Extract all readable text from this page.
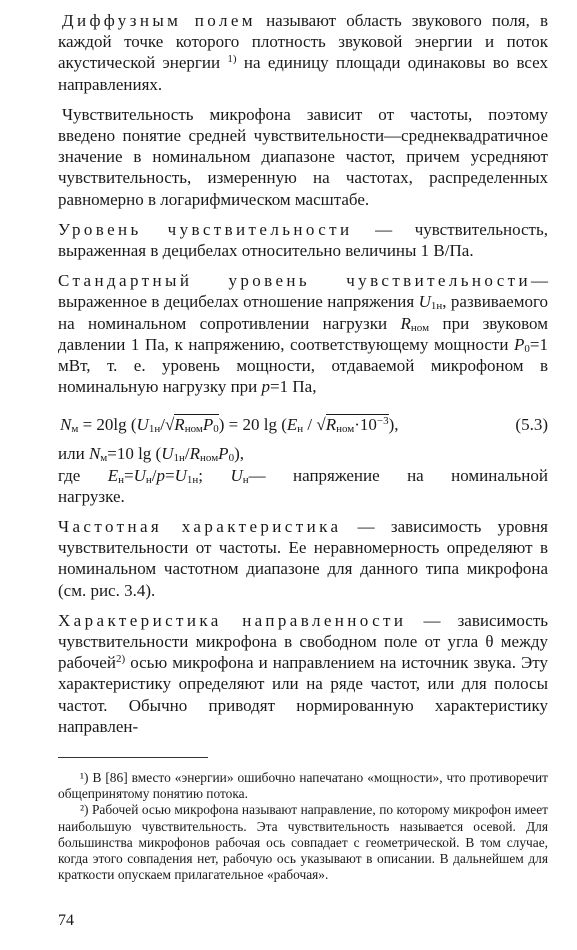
Диффузным полем называют область звукового поля, в каждой точке которого плотность звуковой энергии и поток акустической энергии $^{1)}$ на единицу площади одинаковы во всех направлениях.

Чувствительность микрофона зависит от частоты, поэтому введено понятие средней чувствительности—среднеквадратичное значение в номинальном диапазоне частот, причем усредняют чувствительность, измеренную на частотах, распределенных равномерно в логарифмическом масштабе.

Уровень чувствительности — чувствительность, выраженная в децибелах относительно величины 1 В/Па.

Стандартный уровень чувствительности—выраженное в децибелах отношение напряжения $U_{1н}$, развиваемого на номинальном сопротивлении нагрузки $R_{ном}$ при звуковом давлении 1 Па, к напряжению, соответствующему мощности $P_0=1$ мВт, т. е. уровень мощности, отдаваемой микрофоном в номинальную нагрузку при p=1 Па,

$N_м = 20\lg$ $(U_{1н}/√R_{ном}P_0) = 20$ $\lg (E_н / √R_{ном}\cdot 10^{-3})$,	(5.3)

или $N_м=10$ $\lg (U_{1н}/R_{ном}P_0)$,

где $E_н=U_н/p=U_{1н}$; $U_н—$ напряжение на номинальной

нагрузке.

Частотная характеристика — зависимость уровня чувствительности от частоты. Ее неравномерность определяют в номинальном частотном диапазоне для данного типа микрофона (см. рис. 3.4).

Характеристика направленности — зависимость чувствительности микрофона в свободном поле от угла θ между рабочей$^{2)}$ осью микрофона и направлением на источник звука. Эту характеристику определяют или на ряде частот, или для полосы частот. Обычно приводят нормированную характеристику направлен-

¹) В [86] вместо «энергии» ошибочно напечатано «мощности», что противоречит общепринятому понятию потока.

²) Рабочей осью микрофона называют направление, по которому микрофон имеет наибольшую чувствительность. Эта чувствительность называется осевой. Для большинства микрофонов рабочая ось совпадает с геометрической. В том случае, когда этого совпадения нет, рабочую ось указывают в описании. В дальнейшем для краткости опускаем прилагательное «рабочая».

74
